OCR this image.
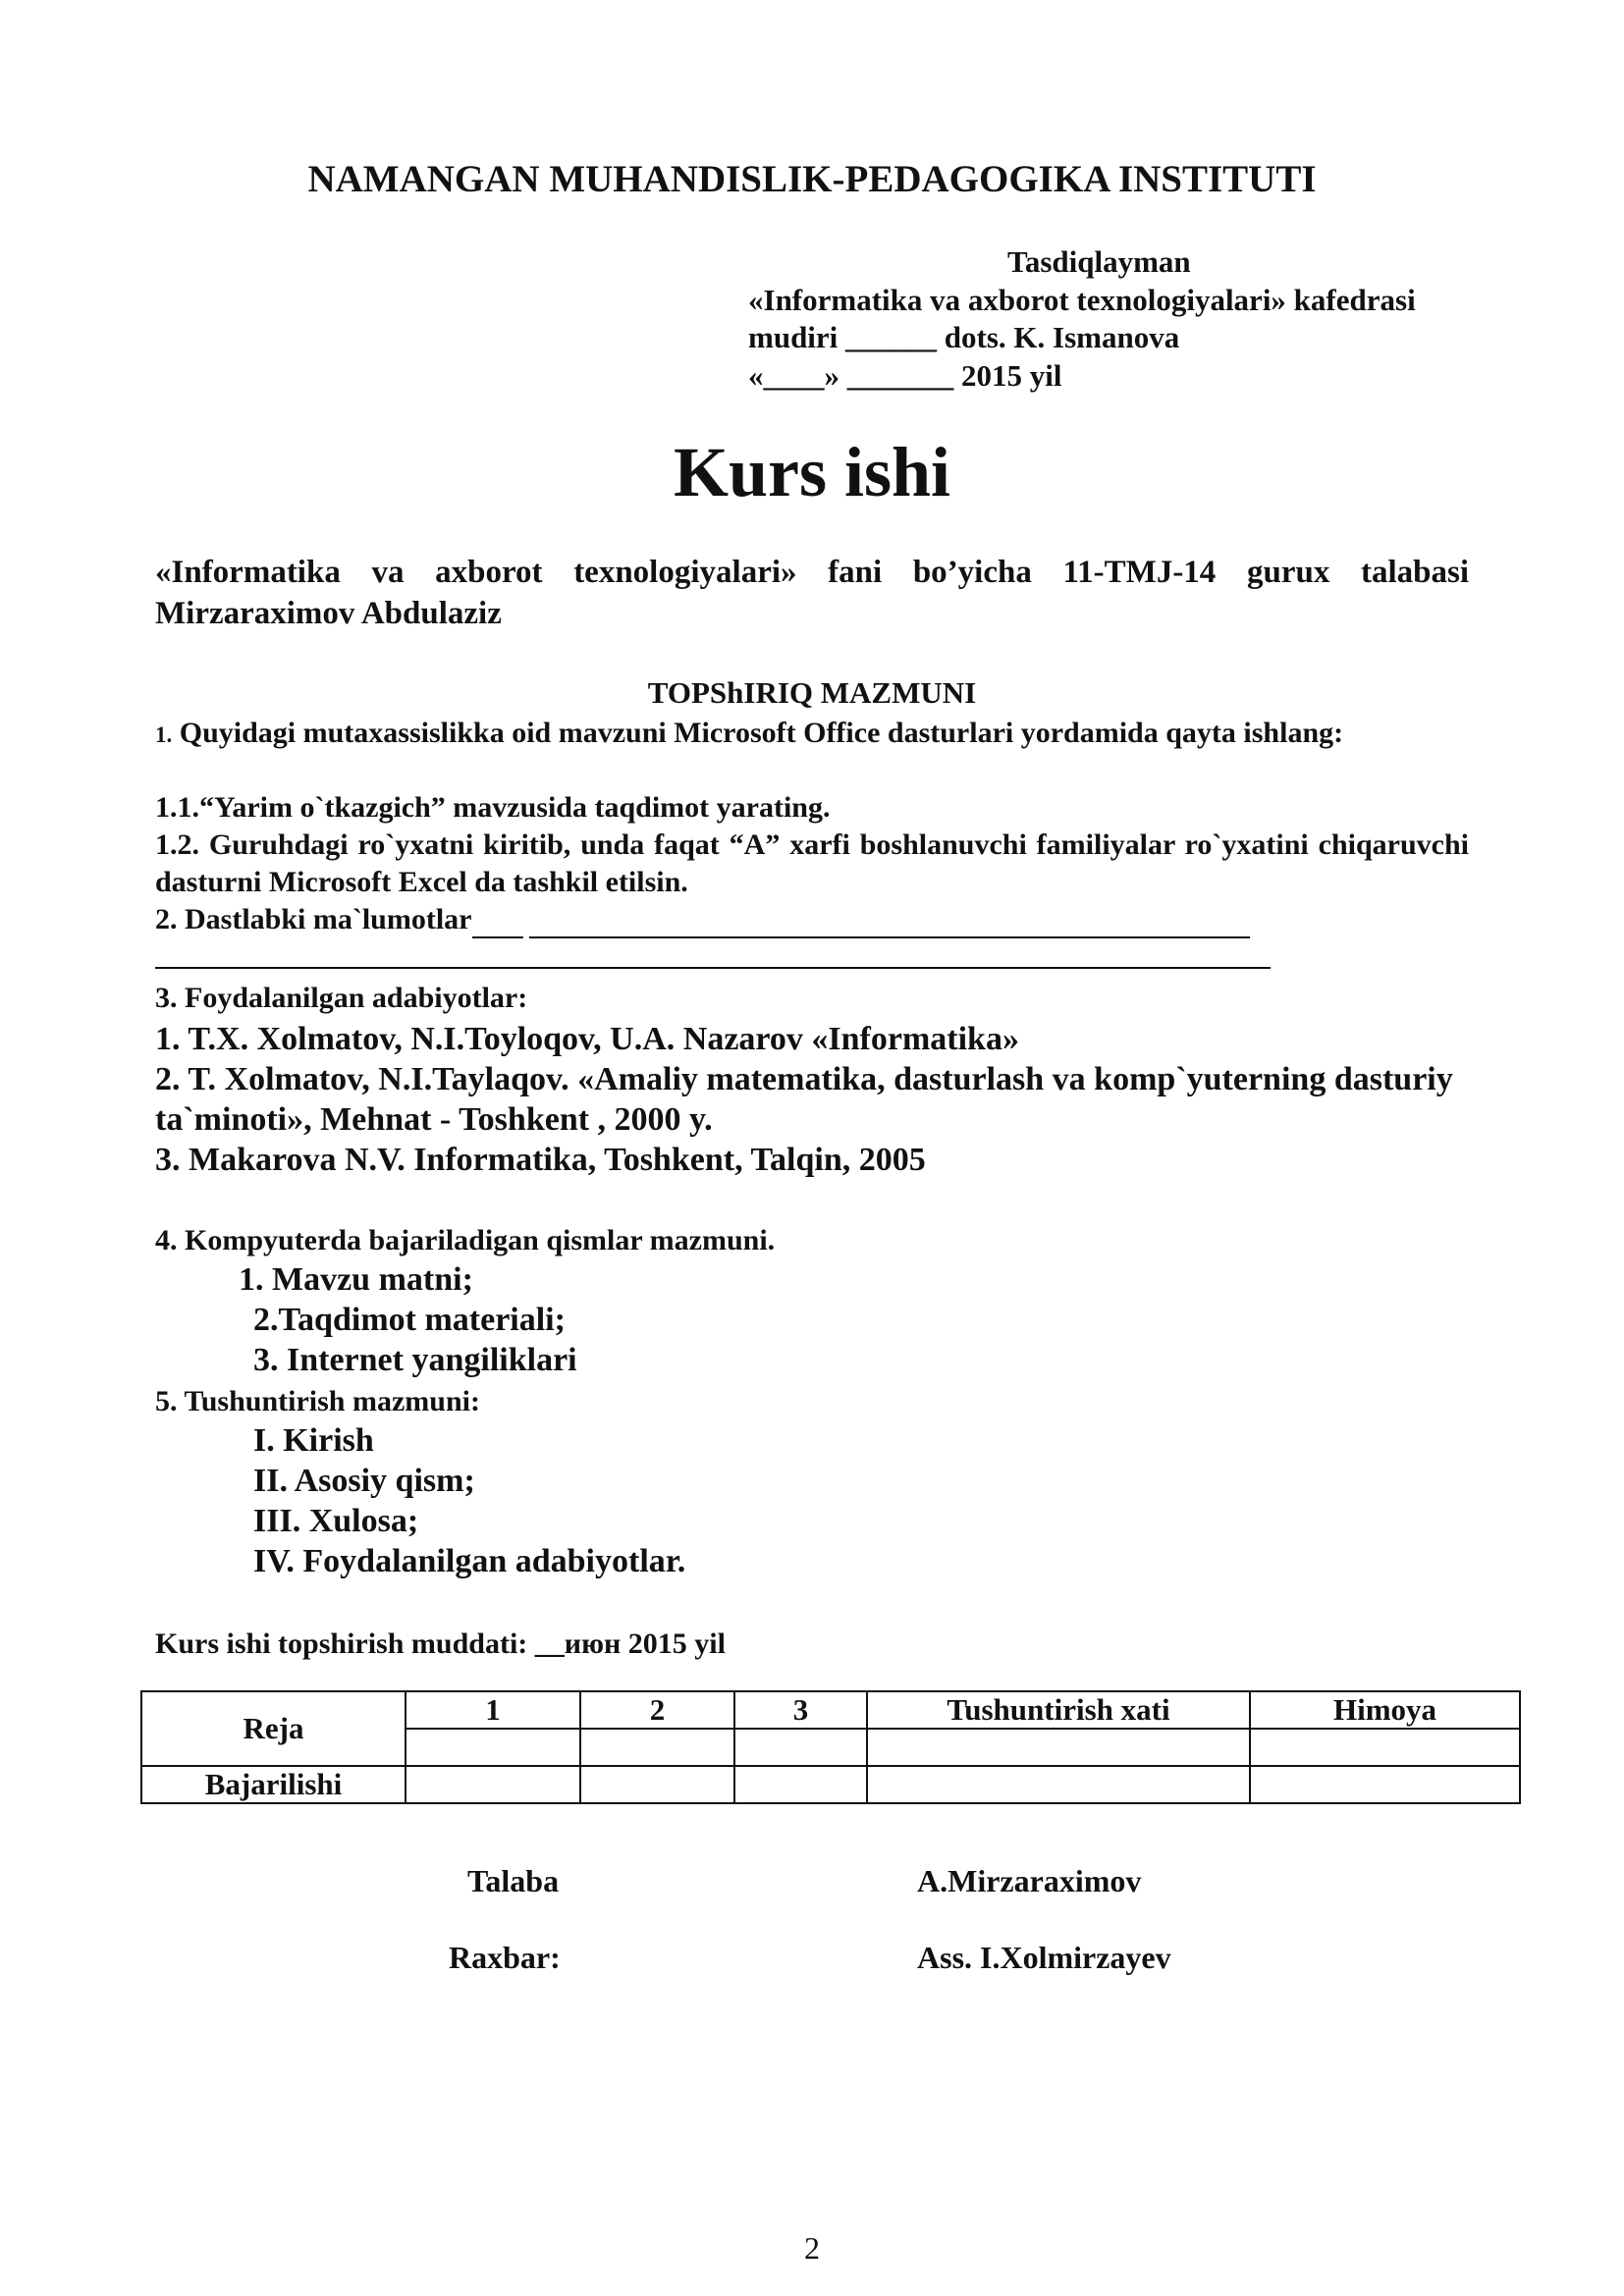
NAMANGAN MUHANDISLIK-PEDAGOGIKA INSTITUTI
Tasdiqlayman
«Informatika va axborot texnologiyalari» kafedrasi
mudiri ______ dots. K. Ismanova
«____» _______ 2015 yil
Kurs ishi
«Informatika va axborot texnologiyalari» fani bo’yicha 11-TMJ-14 gurux talabasi Mirzaraximov Abdulaziz
TOPShIRIQ MAZMUNI
1. Quyidagi mutaxassislikka oid mavzuni Microsoft Office dasturlari yordamida qayta ishlang:
1.1.“Yarim o`tkazgich” mavzusida taqdimot yarating.
1.2. Guruhdagi ro`yxatni kiritib, unda faqat “A” xarfi boshlanuvchi familiyalar ro`yxatini chiqaruvchi dasturni Microsoft Excel da tashkil etilsin.
2. Dastlabki ma`lumotlar
3. Foydalanilgan adabiyotlar:
1. T.X. Xolmatov, N.I.Toyloqov, U.A. Nazarov «Informatika»
2. T. Xolmatov, N.I.Taylaqov. «Amaliy matematika, dasturlash va komp`yuterning dasturiy ta`minoti», Mehnat - Toshkent , 2000 y.
3. Makarova N.V. Informatika, Toshkent, Talqin, 2005
4. Kompyuterda bajariladigan qismlar mazmuni.
1. Mavzu matni;
2.Taqdimot materiali;
3. Internet yangiliklari
5. Tushuntirish mazmuni:
I. Kirish
II. Asosiy qism;
III. Xulosa;
IV. Foydalanilgan adabiyotlar.
Kurs ishi topshirish muddati: __июн 2015 yil
Reja	1	2	3	Tushuntirish xati	Himoya

Bajarilishi					
Talaba	A.Mirzaraximov
Raxbar:	Ass. I.Xolmirzayev
2
